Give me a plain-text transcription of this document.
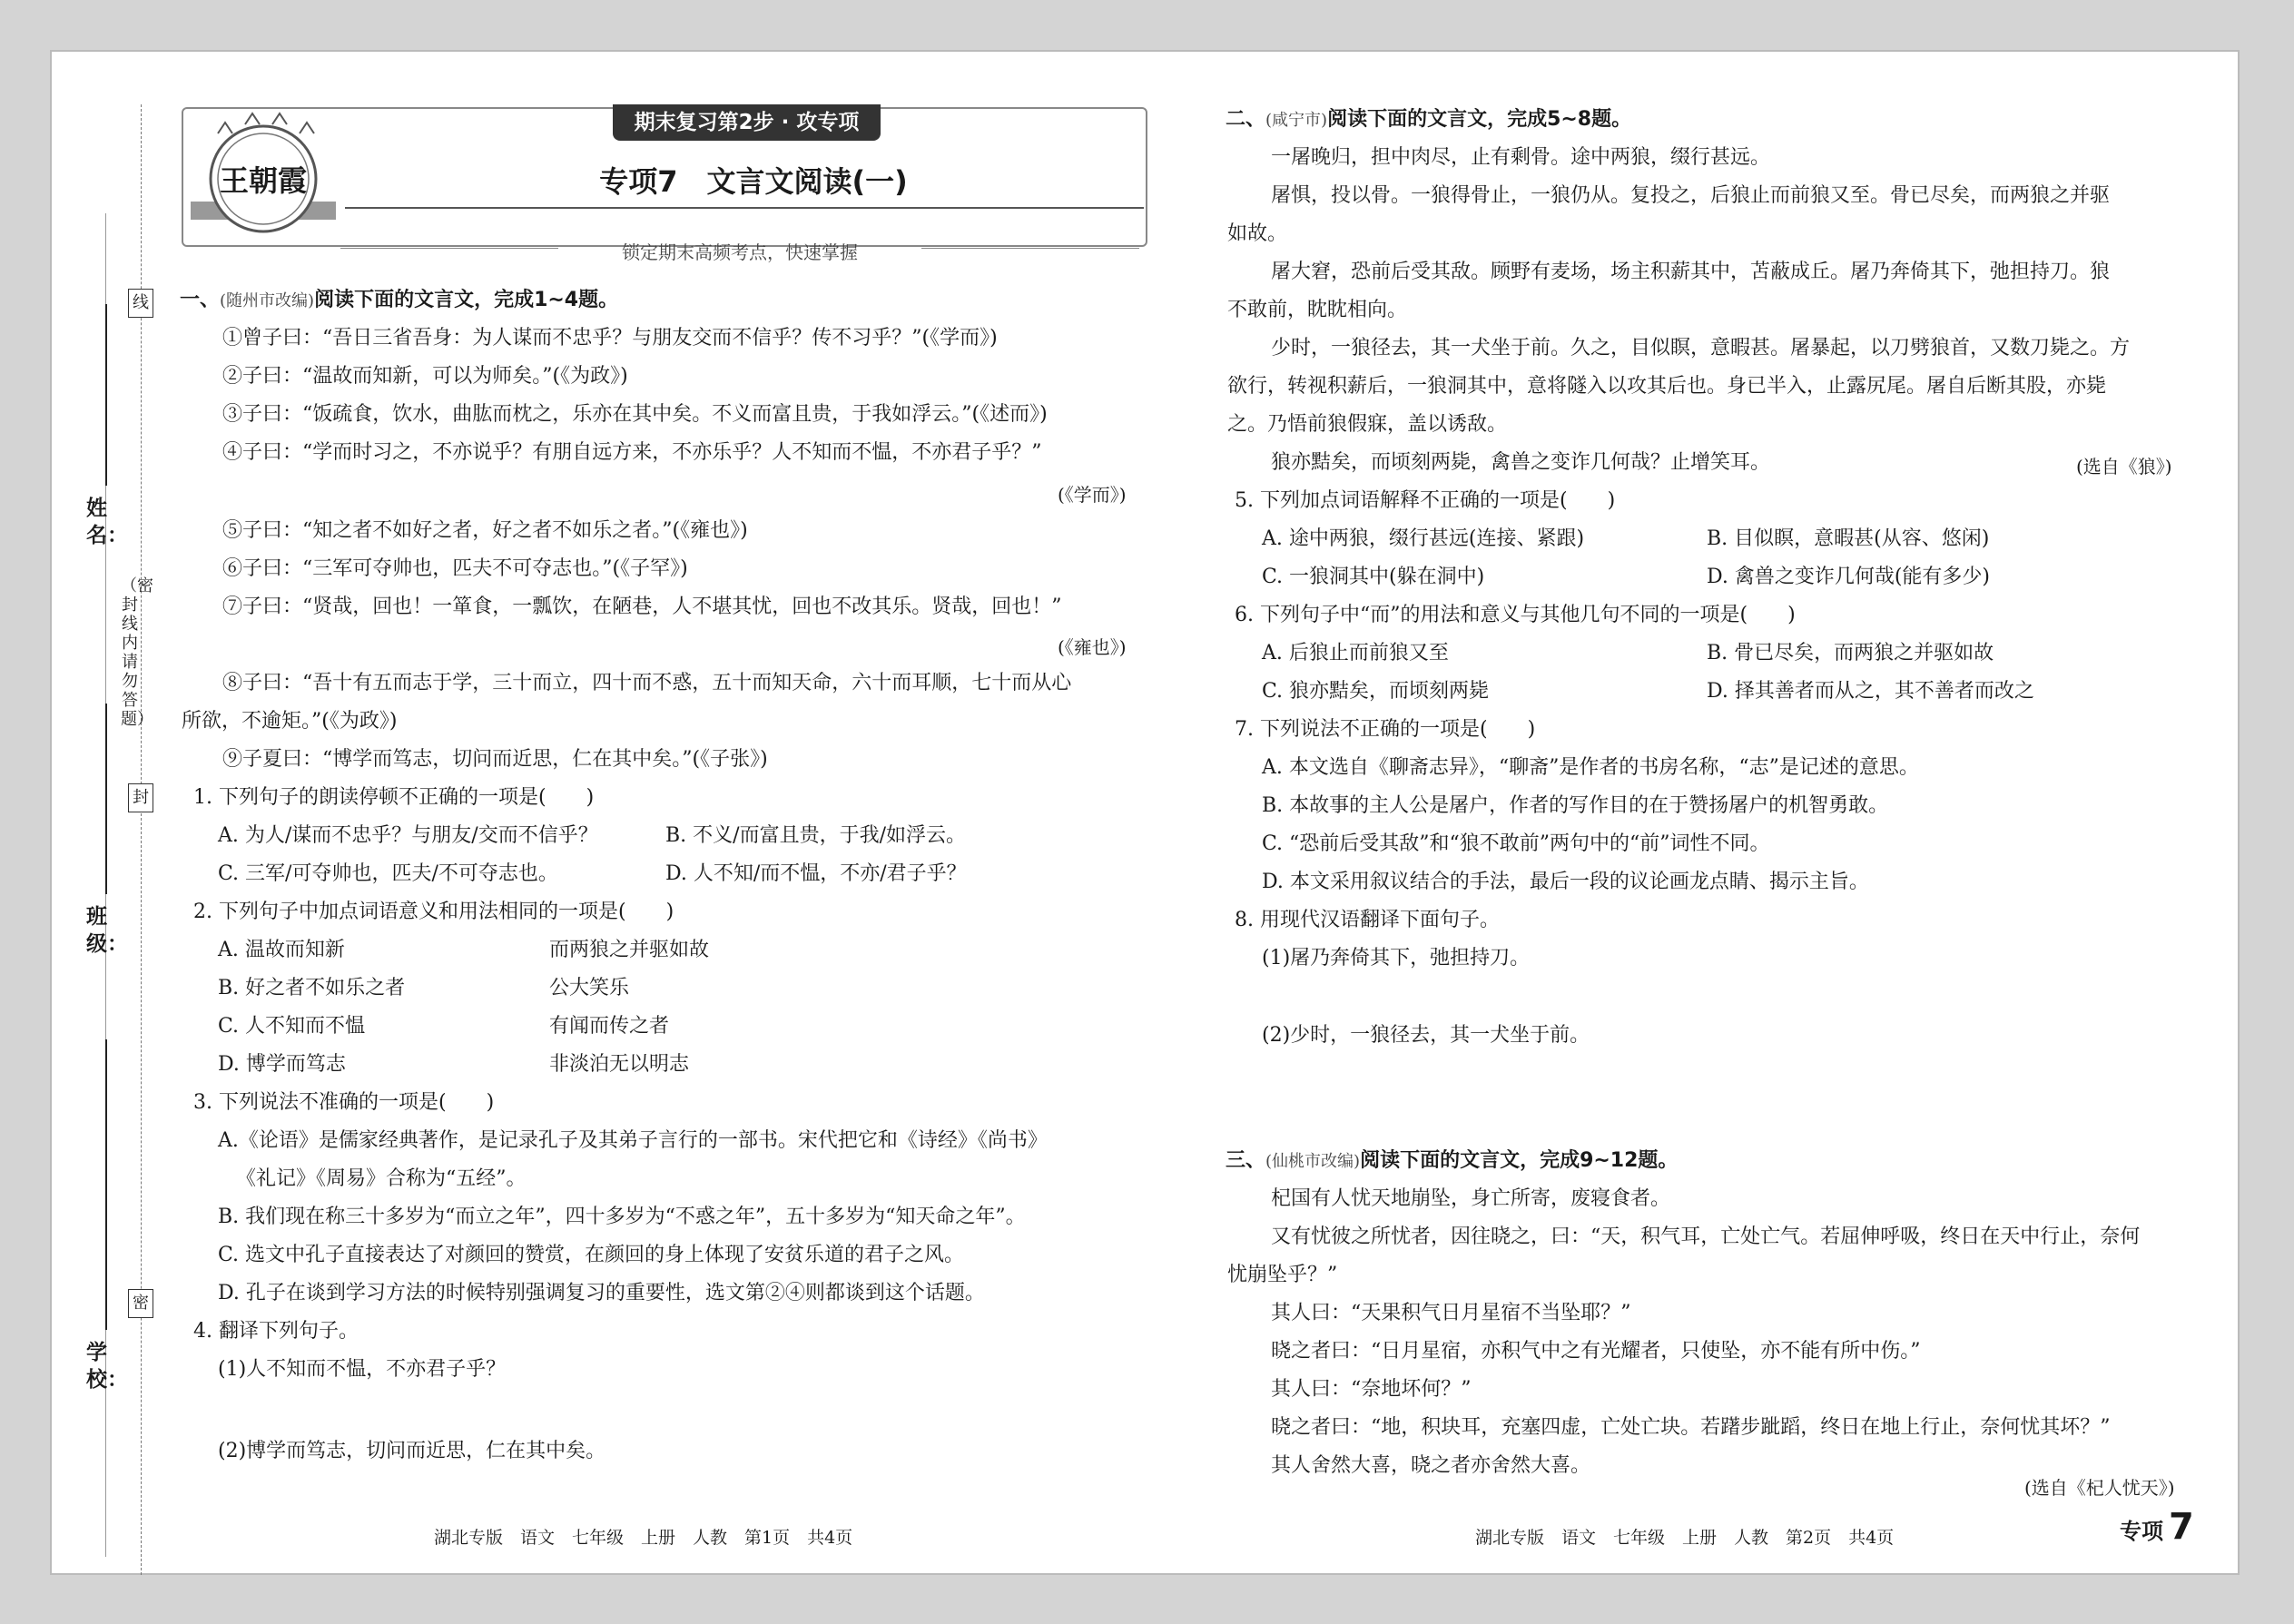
线
封
密
（密封线内请勿答题）
姓名：
班级：
学校：
王朝霞
期末复习第2步 · 攻专项
专项7　文言文阅读(一)
锁定期末高频考点，快速掌握
一、(随州市改编)阅读下面的文言文，完成1~4题。
①曾子曰：“吾日三省吾身：为人谋而不忠乎？与朋友交而不信乎？传不习乎？”(《学而》)
②子曰：“温故而知新，可以为师矣。”(《为政》)
③子曰：“饭疏食，饮水，曲肱而枕之，乐亦在其中矣。不义而富且贵，于我如浮云。”(《述而》)
④子曰：“学而时习之，不亦说乎？有朋自远方来，不亦乐乎？人不知而不愠，不亦君子乎？”
(《学而》)
⑤子曰：“知之者不如好之者，好之者不如乐之者。”(《雍也》)
⑥子曰：“三军可夺帅也，匹夫不可夺志也。”(《子罕》)
⑦子曰：“贤哉，回也！一箪食，一瓢饮，在陋巷，人不堪其忧，回也不改其乐。贤哉，回也！”
(《雍也》)
⑧子曰：“吾十有五而志于学，三十而立，四十而不惑，五十而知天命，六十而耳顺，七十而从心
所欲，不逾矩。”(《为政》)
⑨子夏曰：“博学而笃志，切问而近思，仁在其中矣。”(《子张》)
1. 下列句子的朗读停顿不正确的一项是(　　)
A. 为人/谋而不忠乎？与朋友/交而不信乎？	B. 不义/而富且贵，于我/如浮云。
C. 三军/可夺帅也，匹夫/不可夺志也。	D. 人不知/而不愠，不亦/君子乎？
2. 下列句子中加点词语意义和用法相同的一项是(　　)
A. 温故而知新	而两狼之并驱如故
B. 好之者不如乐之者	公大笑乐
C. 人不知而不愠	有闻而传之者
D. 博学而笃志	非淡泊无以明志
3. 下列说法不准确的一项是(　　)
A.《论语》是儒家经典著作，是记录孔子及其弟子言行的一部书。宋代把它和《诗经》《尚书》
《礼记》《周易》合称为“五经”。
B. 我们现在称三十多岁为“而立之年”，四十多岁为“不惑之年”，五十多岁为“知天命之年”。
C. 选文中孔子直接表达了对颜回的赞赏，在颜回的身上体现了安贫乐道的君子之风。
D. 孔子在谈到学习方法的时候特别强调复习的重要性，选文第②④则都谈到这个话题。
4. 翻译下列句子。
(1)人不知而不愠，不亦君子乎？
(2)博学而笃志，切问而近思，仁在其中矣。
二、(咸宁市)阅读下面的文言文，完成5~8题。
一屠晚归，担中肉尽，止有剩骨。途中两狼，缀行甚远。
屠惧，投以骨。一狼得骨止，一狼仍从。复投之，后狼止而前狼又至。骨已尽矣，而两狼之并驱
如故。
屠大窘，恐前后受其敌。顾野有麦场，场主积薪其中，苫蔽成丘。屠乃奔倚其下，弛担持刀。狼
不敢前，眈眈相向。
少时，一狼径去，其一犬坐于前。久之，目似瞑，意暇甚。屠暴起，以刀劈狼首，又数刀毙之。方
欲行，转视积薪后，一狼洞其中，意将隧入以攻其后也。身已半入，止露尻尾。屠自后断其股，亦毙
之。乃悟前狼假寐，盖以诱敌。
狼亦黠矣，而顷刻两毙，禽兽之变诈几何哉？止增笑耳。	(选自《狼》)
5. 下列加点词语解释不正确的一项是(　　)
A. 途中两狼，缀行甚远(连接、紧跟)	B. 目似瞑，意暇甚(从容、悠闲)
C. 一狼洞其中(躲在洞中)	D. 禽兽之变诈几何哉(能有多少)
6. 下列句子中“而”的用法和意义与其他几句不同的一项是(　　)
A. 后狼止而前狼又至	B. 骨已尽矣，而两狼之并驱如故
C. 狼亦黠矣，而顷刻两毙	D. 择其善者而从之，其不善者而改之
7. 下列说法不正确的一项是(　　)
A. 本文选自《聊斋志异》，“聊斋”是作者的书房名称，“志”是记述的意思。
B. 本故事的主人公是屠户，作者的写作目的在于赞扬屠户的机智勇敢。
C. “恐前后受其敌”和“狼不敢前”两句中的“前”词性不同。
D. 本文采用叙议结合的手法，最后一段的议论画龙点睛、揭示主旨。
8. 用现代汉语翻译下面句子。
(1)屠乃奔倚其下，弛担持刀。
(2)少时，一狼径去，其一犬坐于前。
三、(仙桃市改编)阅读下面的文言文，完成9~12题。
杞国有人忧天地崩坠，身亡所寄，废寝食者。
又有忧彼之所忧者，因往晓之，曰：“天，积气耳，亡处亡气。若屈伸呼吸，终日在天中行止，奈何
忧崩坠乎？”
其人曰：“天果积气日月星宿不当坠耶？”
晓之者曰：“日月星宿，亦积气中之有光耀者，只使坠，亦不能有所中伤。”
其人曰：“奈地坏何？”
晓之者曰：“地，积块耳，充塞四虚，亡处亡块。若躇步跐蹈，终日在地上行止，奈何忧其坏？”
其人舍然大喜，晓之者亦舍然大喜。
(选自《杞人忧天》)
湖北专版　语文　七年级　上册　人教　第1页　共4页	湖北专版　语文　七年级　上册　人教　第2页　共4页	专项 7
